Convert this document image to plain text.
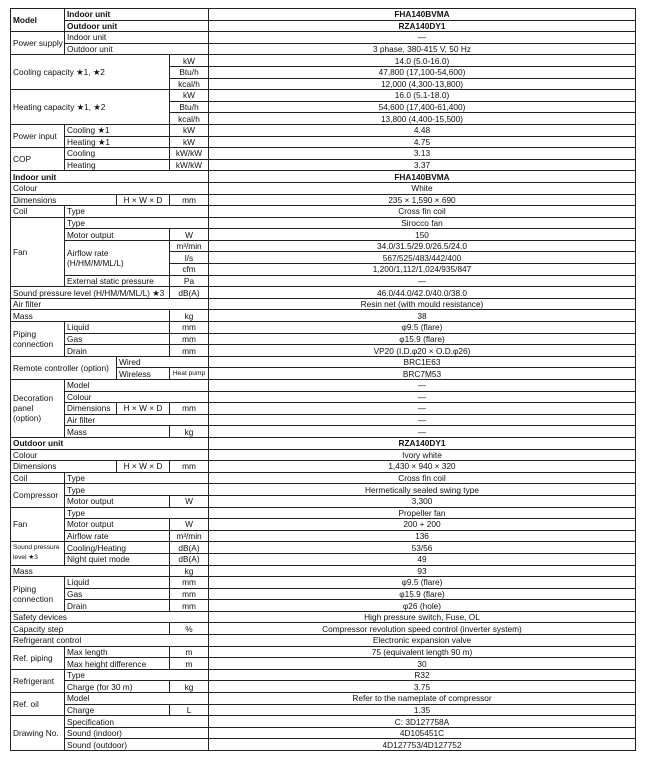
Model	Indoor unit			FHA140BVMA
	Outdoor unit			RZA140DY1
Power supply	Indoor unit			—
	Outdoor unit			3 phase, 380-415 V, 50 Hz
Cooling capacity ★1, ★2			kW	14.0 (5.0-16.0)
			Btu/h	47,800 (17,100-54,600)
			kcal/h	12,000 (4,300-13,800)
Heating capacity ★1, ★2			kW	16.0 (5.1-18.0)
			Btu/h	54,600 (17,400-61,400)
			kcal/h	13,800 (4,400-15,500)
Power input	Cooling ★1		kW	4.48
	Heating ★1		kW	4.75
COP	Cooling		kW/kW	3.13
	Heating		kW/kW	3.37
Indoor unit				FHA140BVMA
Colour				White
Dimensions		H × W × D	mm	235 × 1,590 × 690
Coil	Type			Cross fin coil
Fan	Type			Sirocco fan
	Motor output		W	150
	Airflow rate (H/HM/M/ML/L)		m³/min	34.0/31.5/29.0/26.5/24.0
			l/s	567/525/483/442/400
			cfm	1,200/1,112/1,024/935/847
	External static pressure		Pa	—
Sound pressure level (H/HM/M/ML/L) ★3			dB(A)	46.0/44.0/42.0/40.0/38.0
Air filter				Resin net (with mould resistance)
Mass			kg	38
Piping connection	Liquid		mm	φ9.5 (flare)
	Gas		mm	φ15.9 (flare)
	Drain		mm	VP20 (I.D.φ20 × O.D.φ26)
Remote controller (option)		Wired		BRC1E63
		Wireless	Heat pump	BRC7M53
Decoration panel (option)	Model			—
	Colour			—
	Dimensions	H × W × D	mm	—
	Air filter			—
	Mass		kg	—
Outdoor unit				RZA140DY1
Colour				Ivory white
Dimensions		H × W × D	mm	1,430 × 940 × 320
Coil	Type			Cross fin coil
Compressor	Type			Hermetically sealed swing type
	Motor output		W	3,300
Fan	Type			Propeller fan
	Motor output		W	200 + 200
	Airflow rate		m³/min	136
Sound pressure level ★3	Cooling/Heating		dB(A)	53/56
	Night quiet mode		dB(A)	49
Mass			kg	93
Piping connection	Liquid		mm	φ9.5 (flare)
	Gas		mm	φ15.9 (flare)
	Drain		mm	φ26 (hole)
Safety devices				High pressure switch, Fuse, OL
Capacity step			%	Compressor revolution speed control (inverter system)
Refrigerant control				Electronic expansion valve
Ref. piping	Max length		m	75 (equivalent length 90 m)
	Max height difference		m	30
Refrigerant	Type			R32
	Charge (for 30 m)		kg	3.75
Ref. oil	Model			Refer to the nameplate of compressor
	Charge		L	1.35
Drawing No.	Specification			C: 3D127758A
	Sound (indoor)			4D105451C
	Sound (outdoor)			4D127753/4D127752
